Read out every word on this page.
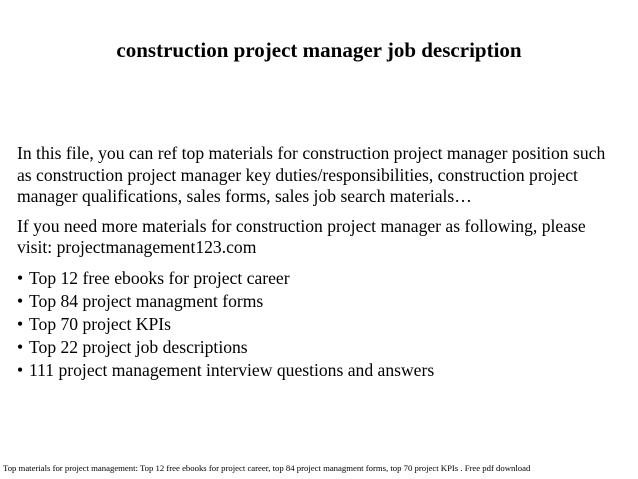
construction project manager job description

In this file, you can ref top materials for construction project manager position such as construction project manager key duties/responsibilities, construction project manager qualifications, sales forms, sales job search materials…

If you need more materials for construction project manager as following, please visit: projectmanagement123.com

• Top 12 free ebooks for project career
• Top 84 project managment forms
• Top 70 project KPIs
• Top 22 project job descriptions
• 111 project management interview questions and answers
Top materials for project management: Top 12 free ebooks for project career, top 84 project managment forms, top 70 project KPIs . Free pdf download
